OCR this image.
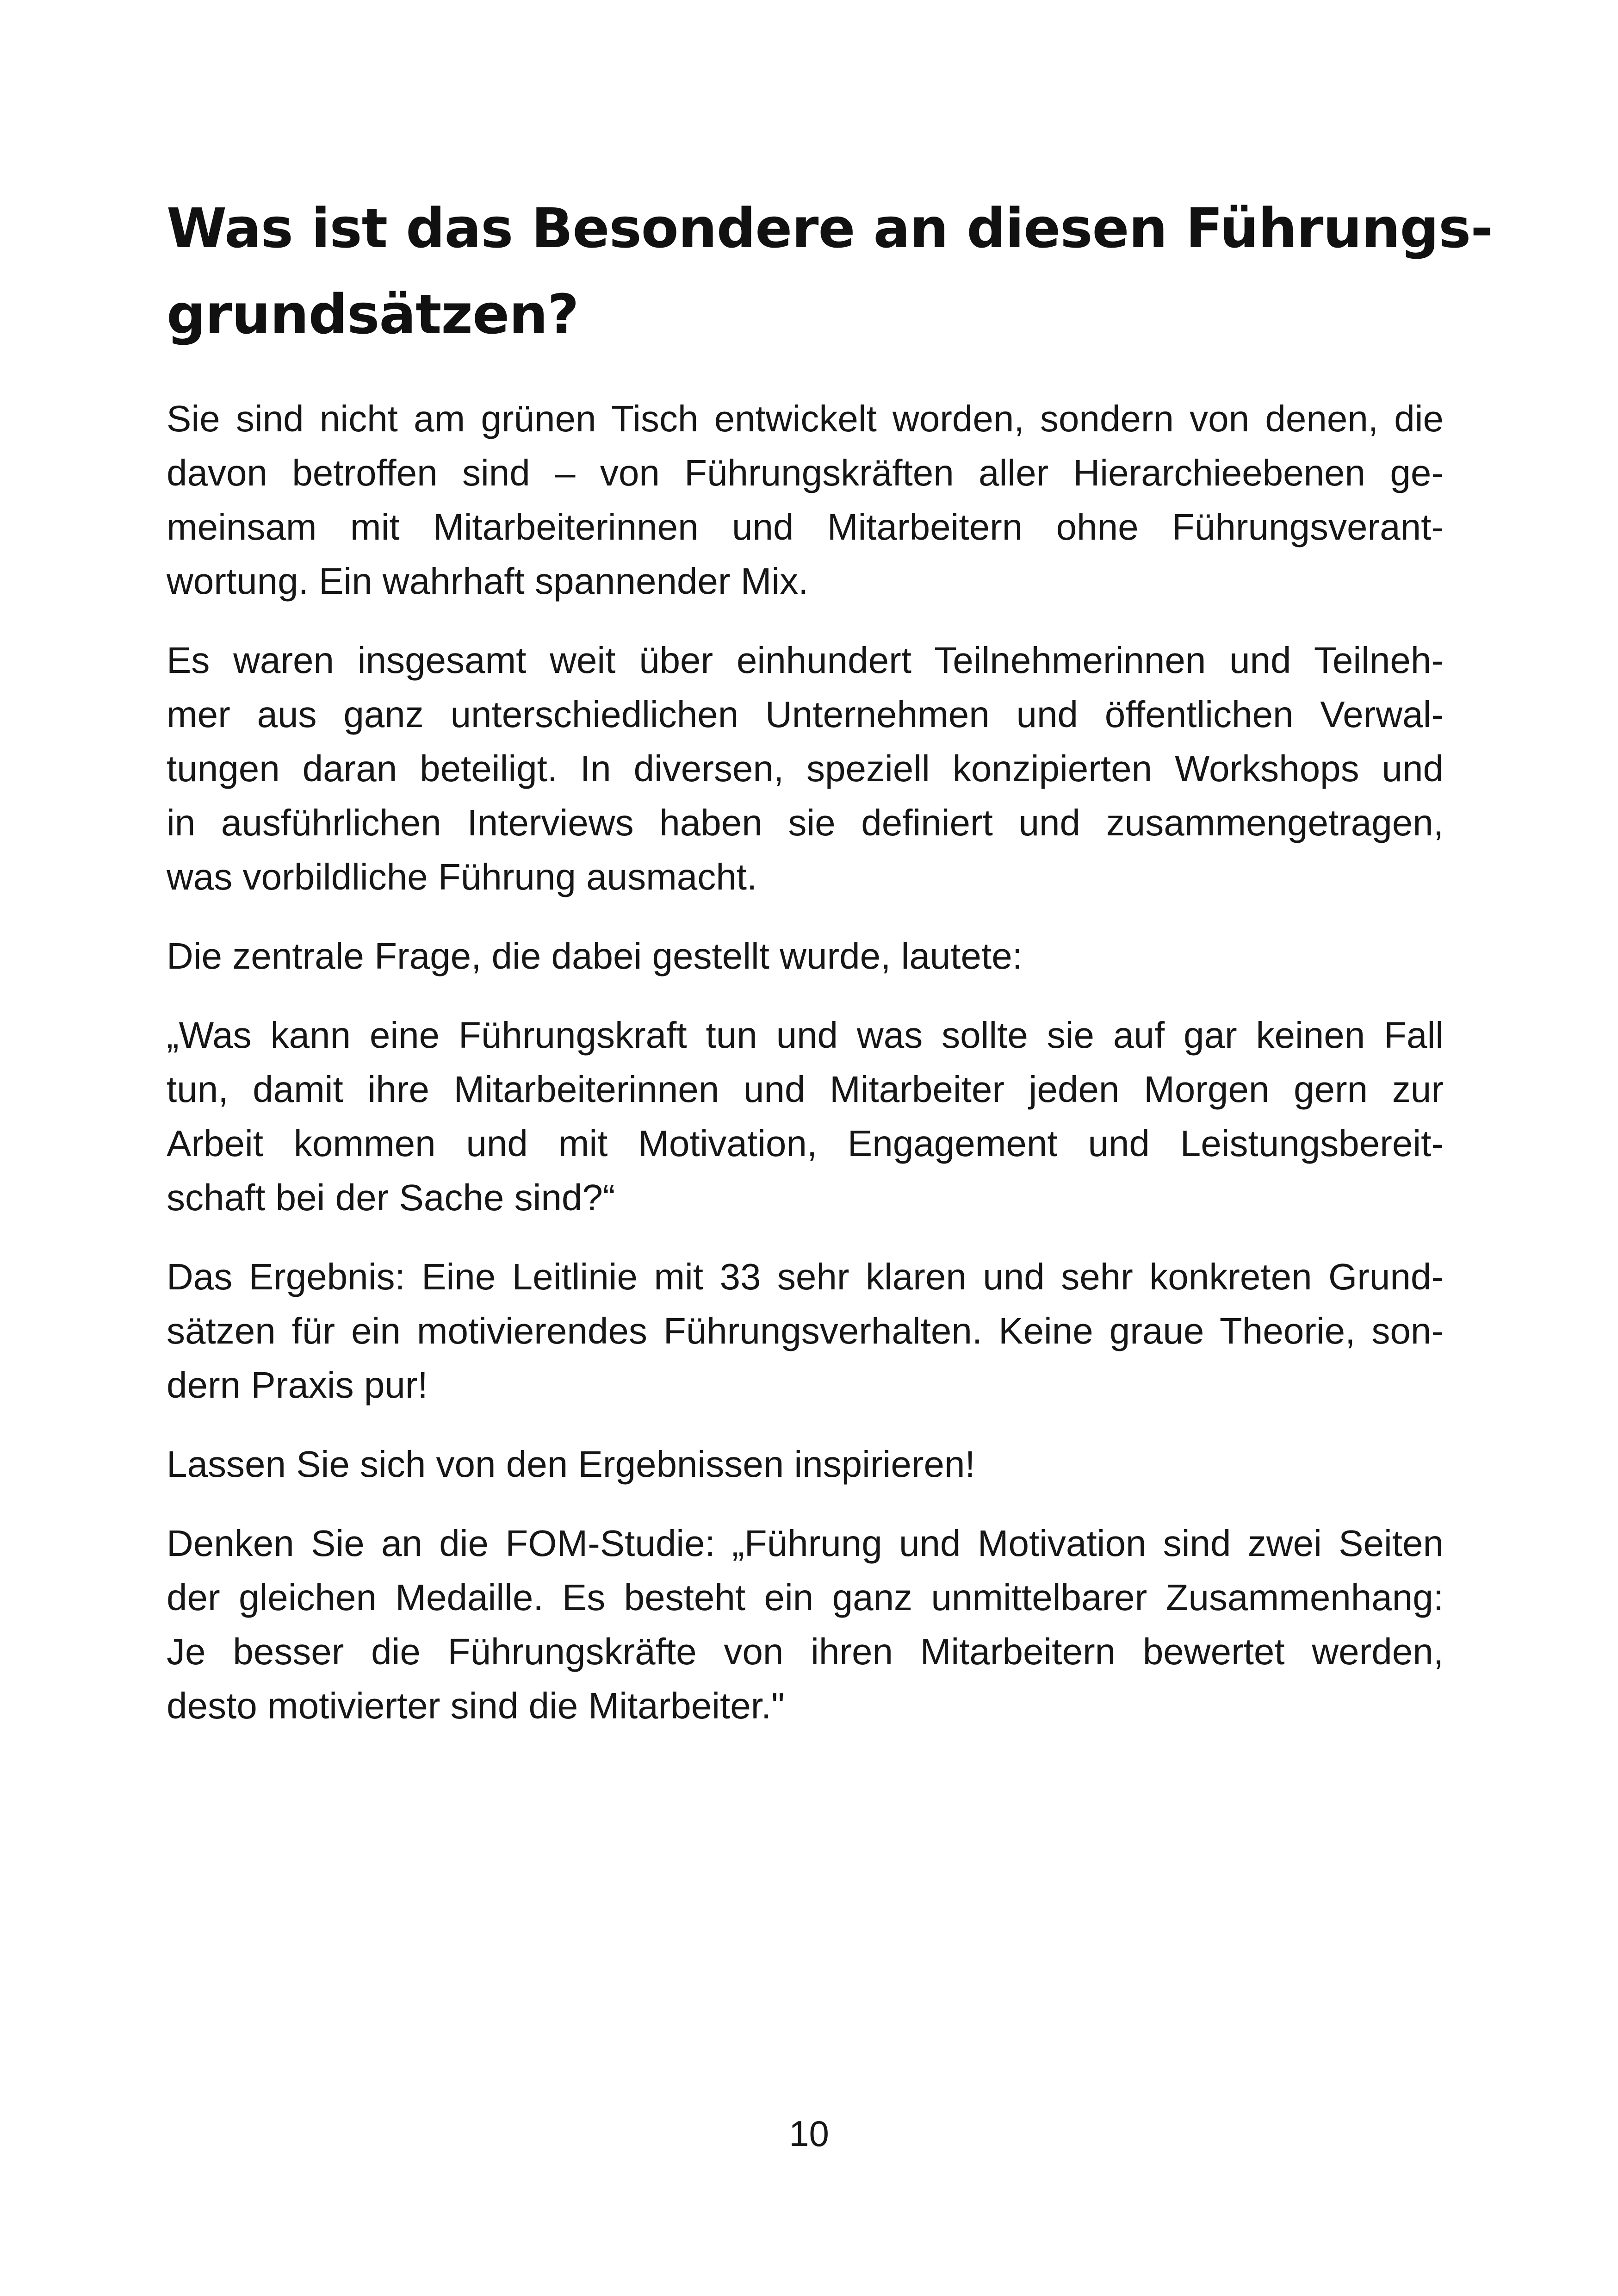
Was ist das Besondere an diesen Führungs-
grundsätzen?

Sie sind nicht am grünen Tisch entwickelt worden, sondern von denen, die
davon betroffen sind – von Führungskräften aller Hierarchieebenen ge-
meinsam mit Mitarbeiterinnen und Mitarbeitern ohne Führungsverant-
wortung. Ein wahrhaft spannender Mix.

Es waren insgesamt weit über einhundert Teilnehmerinnen und Teilneh-
mer aus ganz unterschiedlichen Unternehmen und öffentlichen Verwal-
tungen daran beteiligt. In diversen, speziell konzipierten Workshops und
in ausführlichen Interviews haben sie definiert und zusammengetragen,
was vorbildliche Führung ausmacht.

Die zentrale Frage, die dabei gestellt wurde, lautete:

„Was kann eine Führungskraft tun und was sollte sie auf gar keinen Fall
tun, damit ihre Mitarbeiterinnen und Mitarbeiter jeden Morgen gern zur
Arbeit kommen und mit Motivation, Engagement und Leistungsbereit-
schaft bei der Sache sind?“

Das Ergebnis: Eine Leitlinie mit 33 sehr klaren und sehr konkreten Grund-
sätzen für ein motivierendes Führungsverhalten. Keine graue Theorie, son-
dern Praxis pur!

Lassen Sie sich von den Ergebnissen inspirieren!

Denken Sie an die FOM-Studie: „Führung und Motivation sind zwei Seiten
der gleichen Medaille. Es besteht ein ganz unmittelbarer Zusammenhang:
Je besser die Führungskräfte von ihren Mitarbeitern bewertet werden,
desto motivierter sind die Mitarbeiter."

10
